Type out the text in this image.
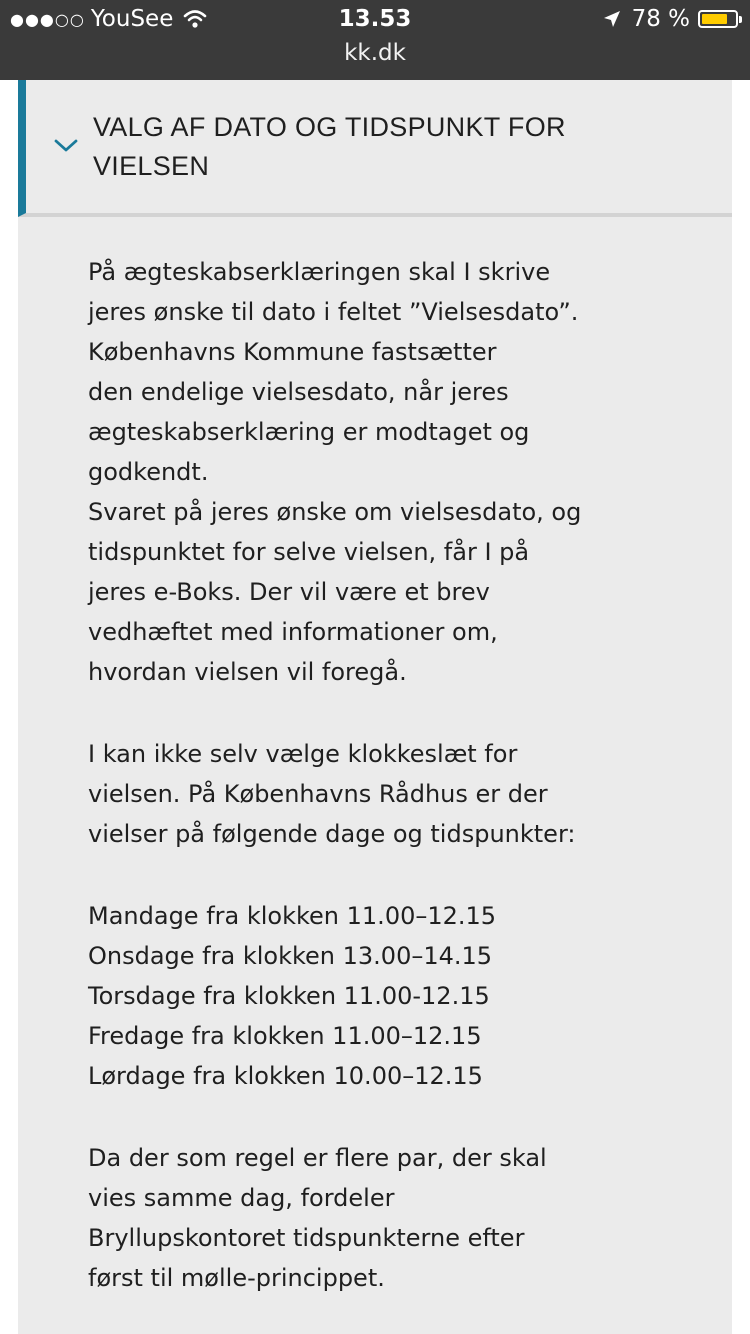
●●●○○ YouSee	13.53	78 %
kk.dk
VALG AF DATO OG TIDSPUNKT FOR
VIELSEN

På ægteskabserklæringen skal I skrive
jeres ønske til dato i feltet ”Vielsesdato”.
Københavns Kommune fastsætter
den endelige vielsesdato, når jeres
ægteskabserklæring er modtaget og
godkendt.
Svaret på jeres ønske om vielsesdato, og
tidspunktet for selve vielsen, får I på
jeres e-Boks. Der vil være et brev
vedhæftet med informationer om,
hvordan vielsen vil foregå.

I kan ikke selv vælge klokkeslæt for
vielsen. På Københavns Rådhus er der
vielser på følgende dage og tidspunkter:

Mandage fra klokken 11.00–12.15
Onsdage fra klokken 13.00–14.15
Torsdage fra klokken 11.00-12.15
Fredage fra klokken 11.00–12.15
Lørdage fra klokken 10.00–12.15

Da der som regel er flere par, der skal
vies samme dag, fordeler
Bryllupskontoret tidspunkterne efter
først til mølle-princippet.
